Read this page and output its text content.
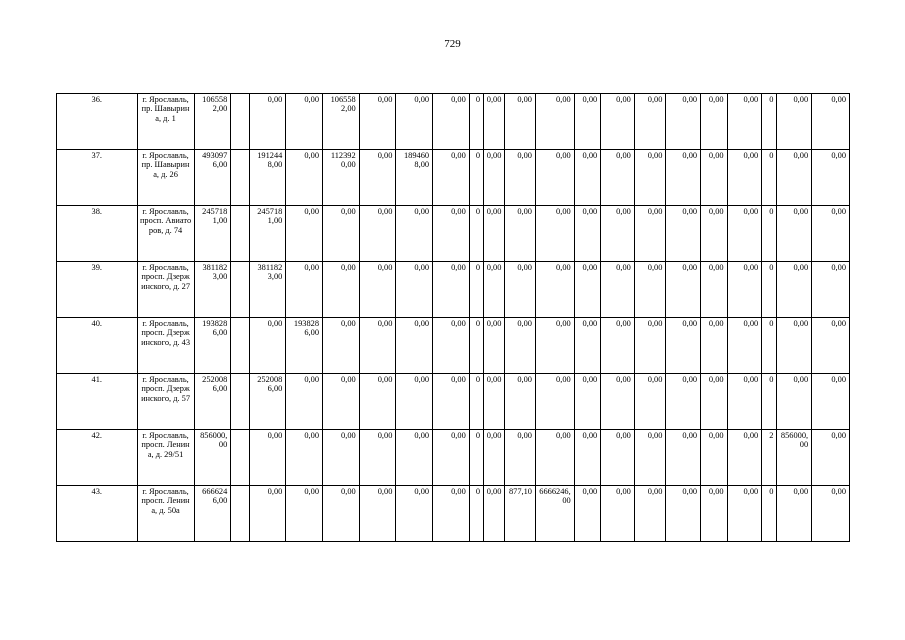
729
36.	г. Ярославль, пр. Шавырина, д. 1	1065582,00		0,00	0,00	1065582,00	0,00	0,00	0,00	0	0,00	0,00	0,00	0,00	0,00	0,00	0,00	0,00	0,00	0	0,00	0,00
37.	г. Ярославль, пр. Шавырина, д. 26	4930976,00		1912448,00	0,00	1123920,00	0,00	1894608,00	0,00	0	0,00	0,00	0,00	0,00	0,00	0,00	0,00	0,00	0,00	0	0,00	0,00
38.	г. Ярославль, просп. Авиаторов, д. 74	2457181,00		2457181,00	0,00	0,00	0,00	0,00	0,00	0	0,00	0,00	0,00	0,00	0,00	0,00	0,00	0,00	0,00	0	0,00	0,00
39.	г. Ярославль, просп. Дзержинского, д. 27	3811823,00		3811823,00	0,00	0,00	0,00	0,00	0,00	0	0,00	0,00	0,00	0,00	0,00	0,00	0,00	0,00	0,00	0	0,00	0,00
40.	г. Ярославль, просп. Дзержинского, д. 43	1938286,00		0,00	1938286,00	0,00	0,00	0,00	0,00	0	0,00	0,00	0,00	0,00	0,00	0,00	0,00	0,00	0,00	0	0,00	0,00
41.	г. Ярославль, просп. Дзержинского, д. 57	2520086,00		2520086,00	0,00	0,00	0,00	0,00	0,00	0	0,00	0,00	0,00	0,00	0,00	0,00	0,00	0,00	0,00	0	0,00	0,00
42.	г. Ярославль, просп. Ленина, д. 29/51	856000,00		0,00	0,00	0,00	0,00	0,00	0,00	0	0,00	0,00	0,00	0,00	0,00	0,00	0,00	0,00	0,00	2	856000,00	0,00
43.	г. Ярославль, просп. Ленина, д. 50а	6666246,00		0,00	0,00	0,00	0,00	0,00	0,00	0	0,00	877,10	6666246,00	0,00	0,00	0,00	0,00	0,00	0,00	0	0,00	0,00
